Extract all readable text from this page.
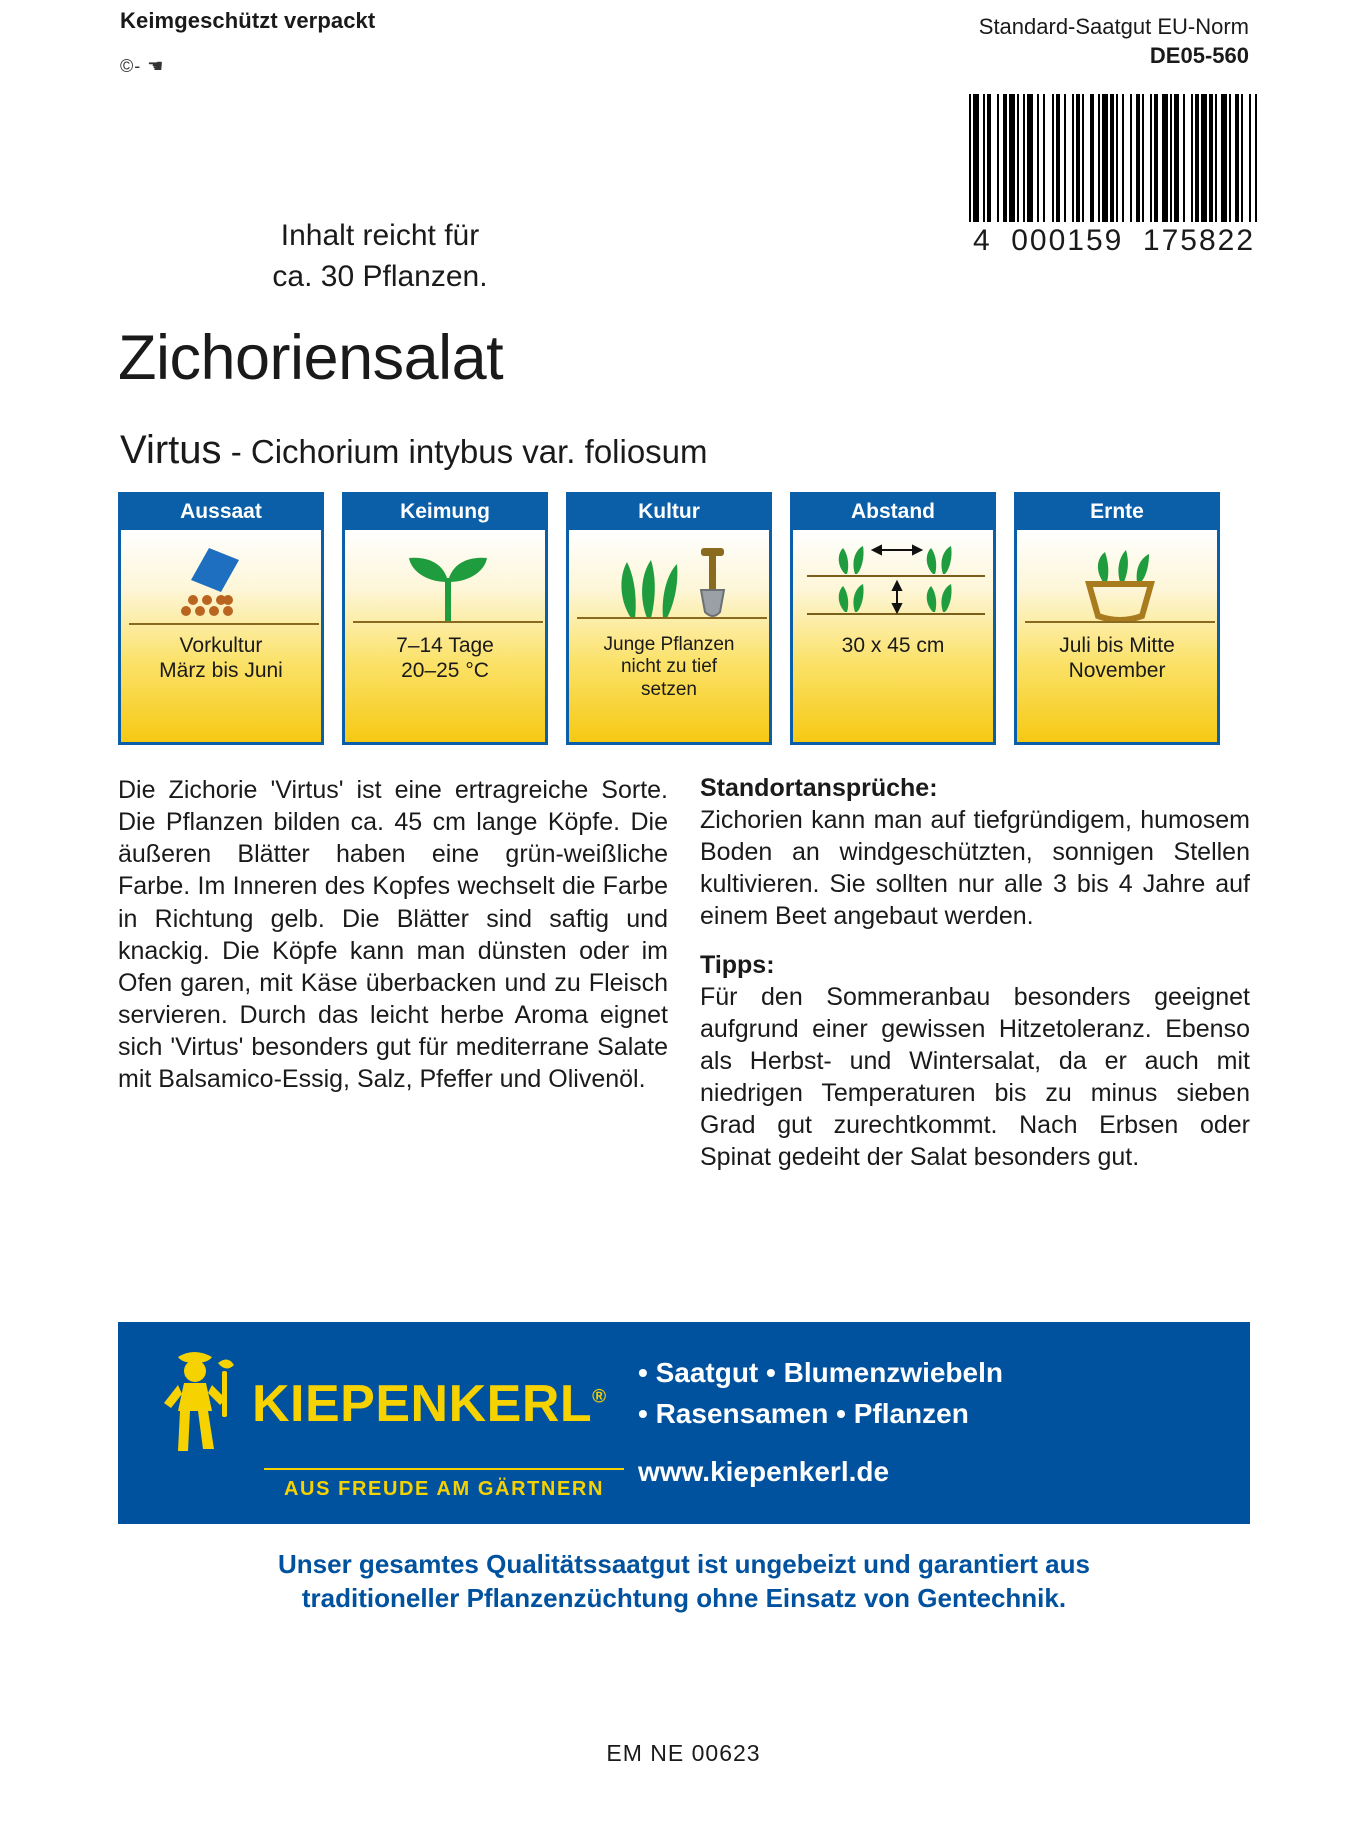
Keimgeschützt verpackt
©- ☚
Standard-Saatgut EU-Norm
DE05-560
4 000159 175822
Inhalt reicht für
ca. 30 Pflanzen.
Zichoriensalat
Virtus - Cichorium intybus var. foliosum
Aussaat
Vorkultur
März bis Juni
Keimung
7–14 Tage
20–25 °C
Kultur
Junge Pflanzen
nicht zu tief
setzen
Abstand
30 x 45 cm
Ernte
Juli bis Mitte
November

Die Zichorie 'Virtus' ist eine ertragreiche Sorte. Die Pflanzen bilden ca. 45 cm lange Köpfe. Die äußeren Blätter haben eine grün-weißliche Farbe. Im Inneren des Kopfes wechselt die Farbe in Richtung gelb. Die Blätter sind saftig und knackig. Die Köpfe kann man dünsten oder im Ofen garen, mit Käse überbacken und zu Fleisch servieren. Durch das leicht herbe Aroma eignet sich 'Virtus' besonders gut für mediterrane Salate mit Balsamico-Essig, Salz, Pfeffer und Olivenöl.

Standortansprüche:

Zichorien kann man auf tiefgründigem, humosem Boden an windgeschützten, sonnigen Stellen kultivieren. Sie sollten nur alle 3 bis 4 Jahre auf einem Beet angebaut werden.

Tipps:

Für den Sommeranbau besonders geeignet aufgrund einer gewissen Hitzetoleranz. Ebenso als Herbst- und Wintersalat, da er auch mit niedrigen Temperaturen bis zu minus sieben Grad gut zurechtkommt. Nach Erbsen oder Spinat gedeiht der Salat besonders gut.

KIEPENKERL®
AUS FREUDE AM GÄRTNERN
• Saatgut • Blumenzwiebeln
• Rasensamen • Pflanzen
www.kiepenkerl.de
Unser gesamtes Qualitätssaatgut ist ungebeizt und garantiert aus
traditioneller Pflanzenzüchtung ohne Einsatz von Gentechnik.
EM NE 00623
